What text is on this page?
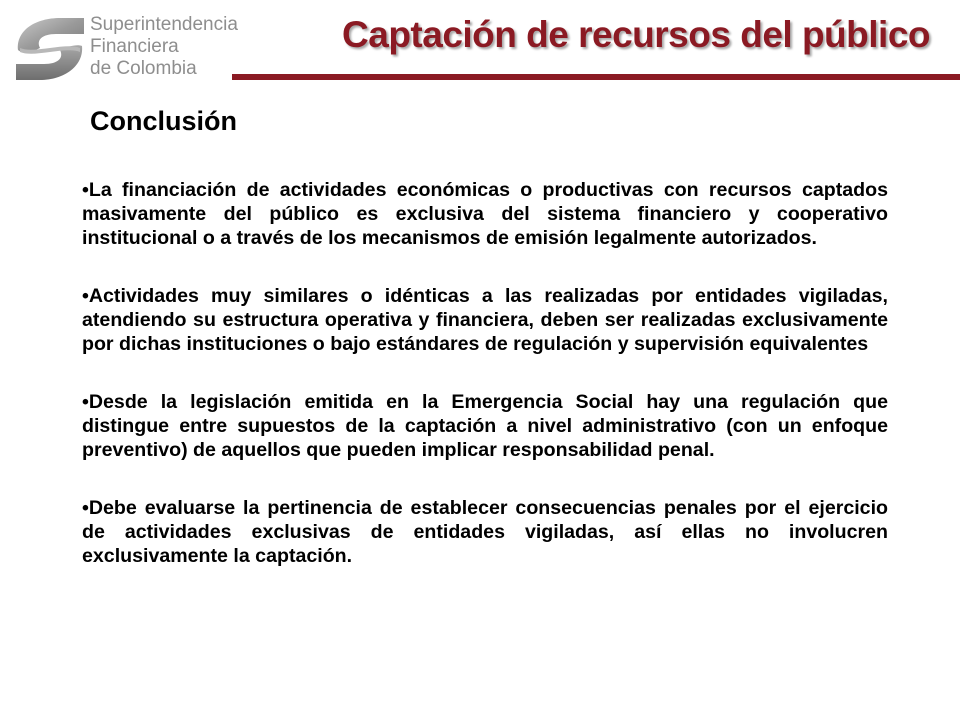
Superintendencia
Financiera
de Colombia
Captación de recursos del público
Conclusión
•La financiación de actividades económicas o productivas con recursos captados masivamente del público es exclusiva del sistema financiero y cooperativo institucional o a través de los mecanismos de emisión legalmente autorizados.
•Actividades muy similares o idénticas a las realizadas por entidades vigiladas, atendiendo su estructura operativa y financiera, deben ser realizadas exclusivamente por dichas instituciones o bajo estándares de regulación y supervisión equivalentes
•Desde la legislación emitida en la Emergencia Social hay una regulación que distingue entre supuestos de la captación a nivel administrativo (con un enfoque preventivo) de aquellos que pueden implicar responsabilidad penal.
•Debe evaluarse la pertinencia de establecer consecuencias penales por el ejercicio de actividades exclusivas de entidades vigiladas, así ellas no involucren exclusivamente la captación.
